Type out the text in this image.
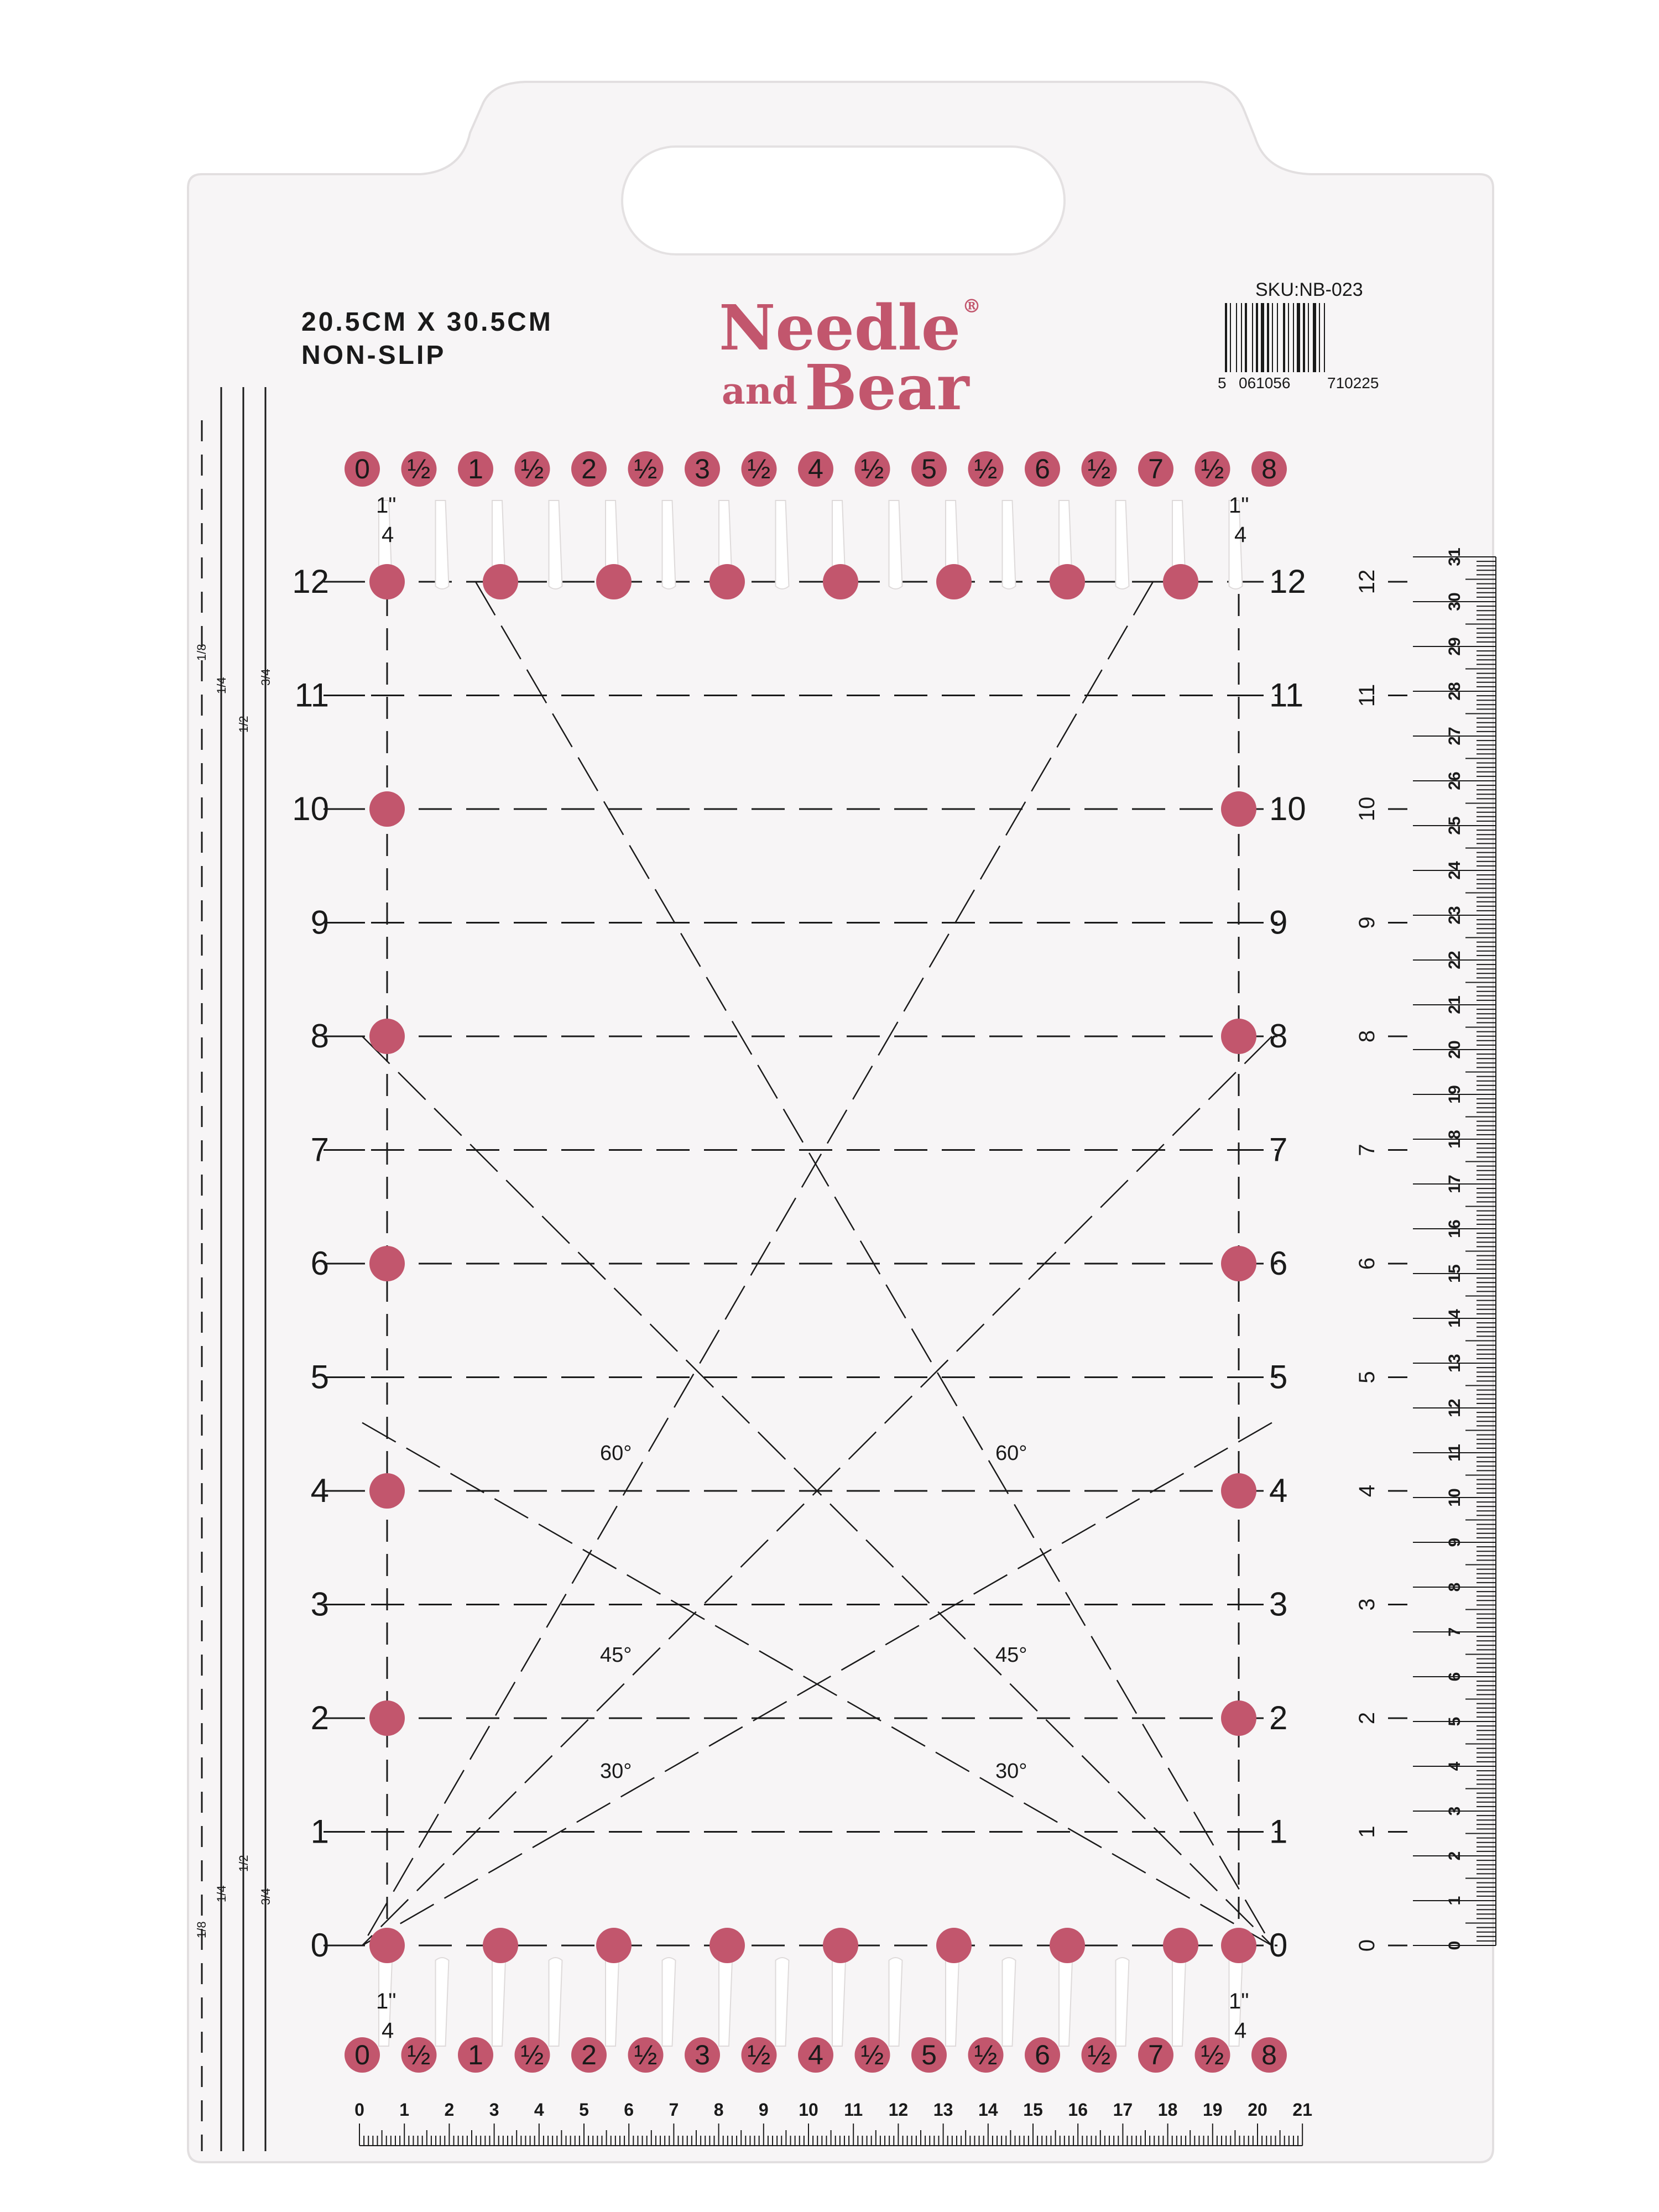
20.5CM X 30.5CM
NON-SLIP	Needle ®
and Bear
SKU:NB-023
5 061056 710225
1/8
1/4
1/2
3/4
1/8
1/4
1/2
3/4
0 ½ 1 ½ 2 ½ 3 ½ 4 ½ 5 ½ 6 ½ 7 ½ 8
0 ½ 1 ½ 2 ½ 3 ½ 4 ½ 5 ½ 6 ½ 7 ½ 8
0
1
2
3
4
5
6
7
8
9
10
11
12
0	0
1	1
2	2
3	3
4	4
5	5
6	6
7	7
8	8
9	9
10 10
11 11
12 12
0 1 2 3 4 5 6 7 8 9 10 11 12 13 14 15 16 17 18 19 20 21
0
1
2
3
4
5
6
7
8
9
10
11
12
13
14
15
16
17
18
19
20
21
22
23
24
25
26
27
28
29
30
31
1"
4
1"
4
1"
4
1"
4
60°	60°
45°	45°
30°	30°
